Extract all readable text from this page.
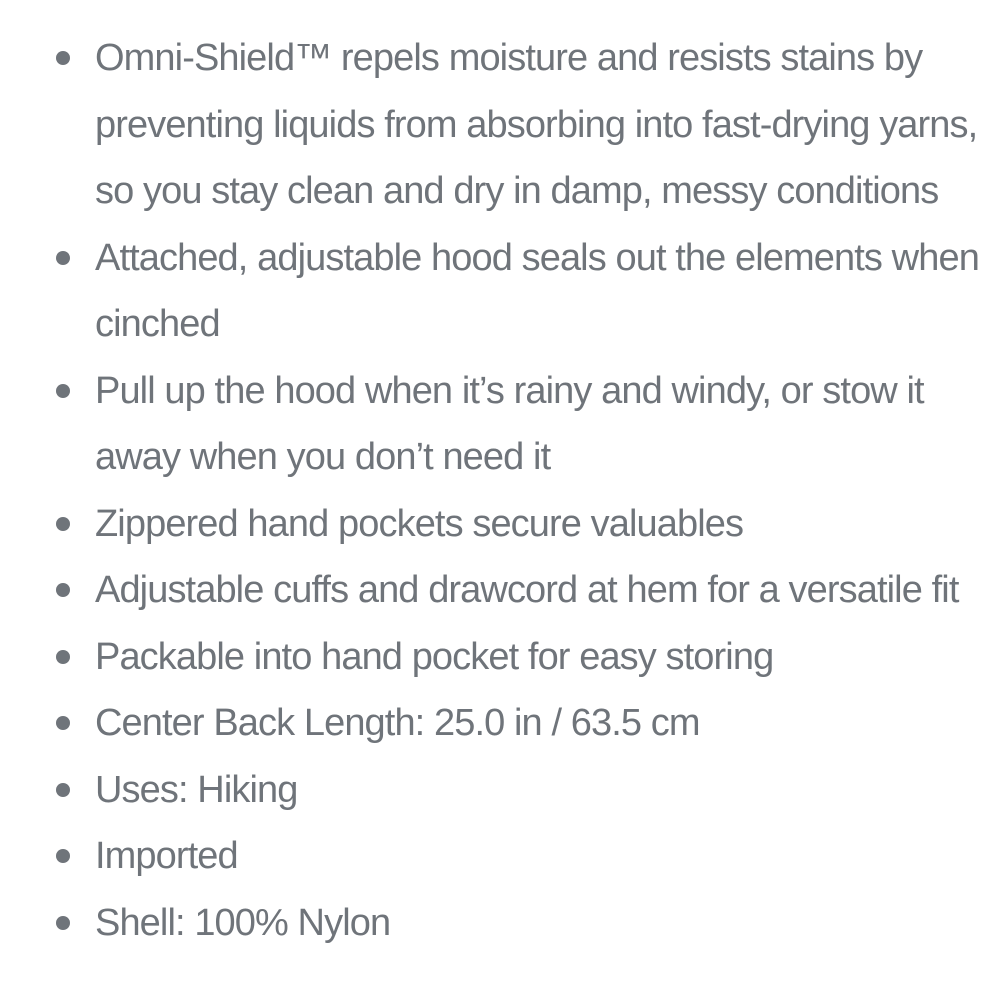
Omni-Shield™ repels moisture and resists stains by preventing liquids from absorbing into fast-drying yarns, so you stay clean and dry in damp, messy conditions
Attached, adjustable hood seals out the elements when cinched
Pull up the hood when it’s rainy and windy, or stow it away when you don’t need it
Zippered hand pockets secure valuables
Adjustable cuffs and drawcord at hem for a versatile fit
Packable into hand pocket for easy storing
Center Back Length: 25.0 in / 63.5 cm
Uses: Hiking
Imported
Shell: 100% Nylon
